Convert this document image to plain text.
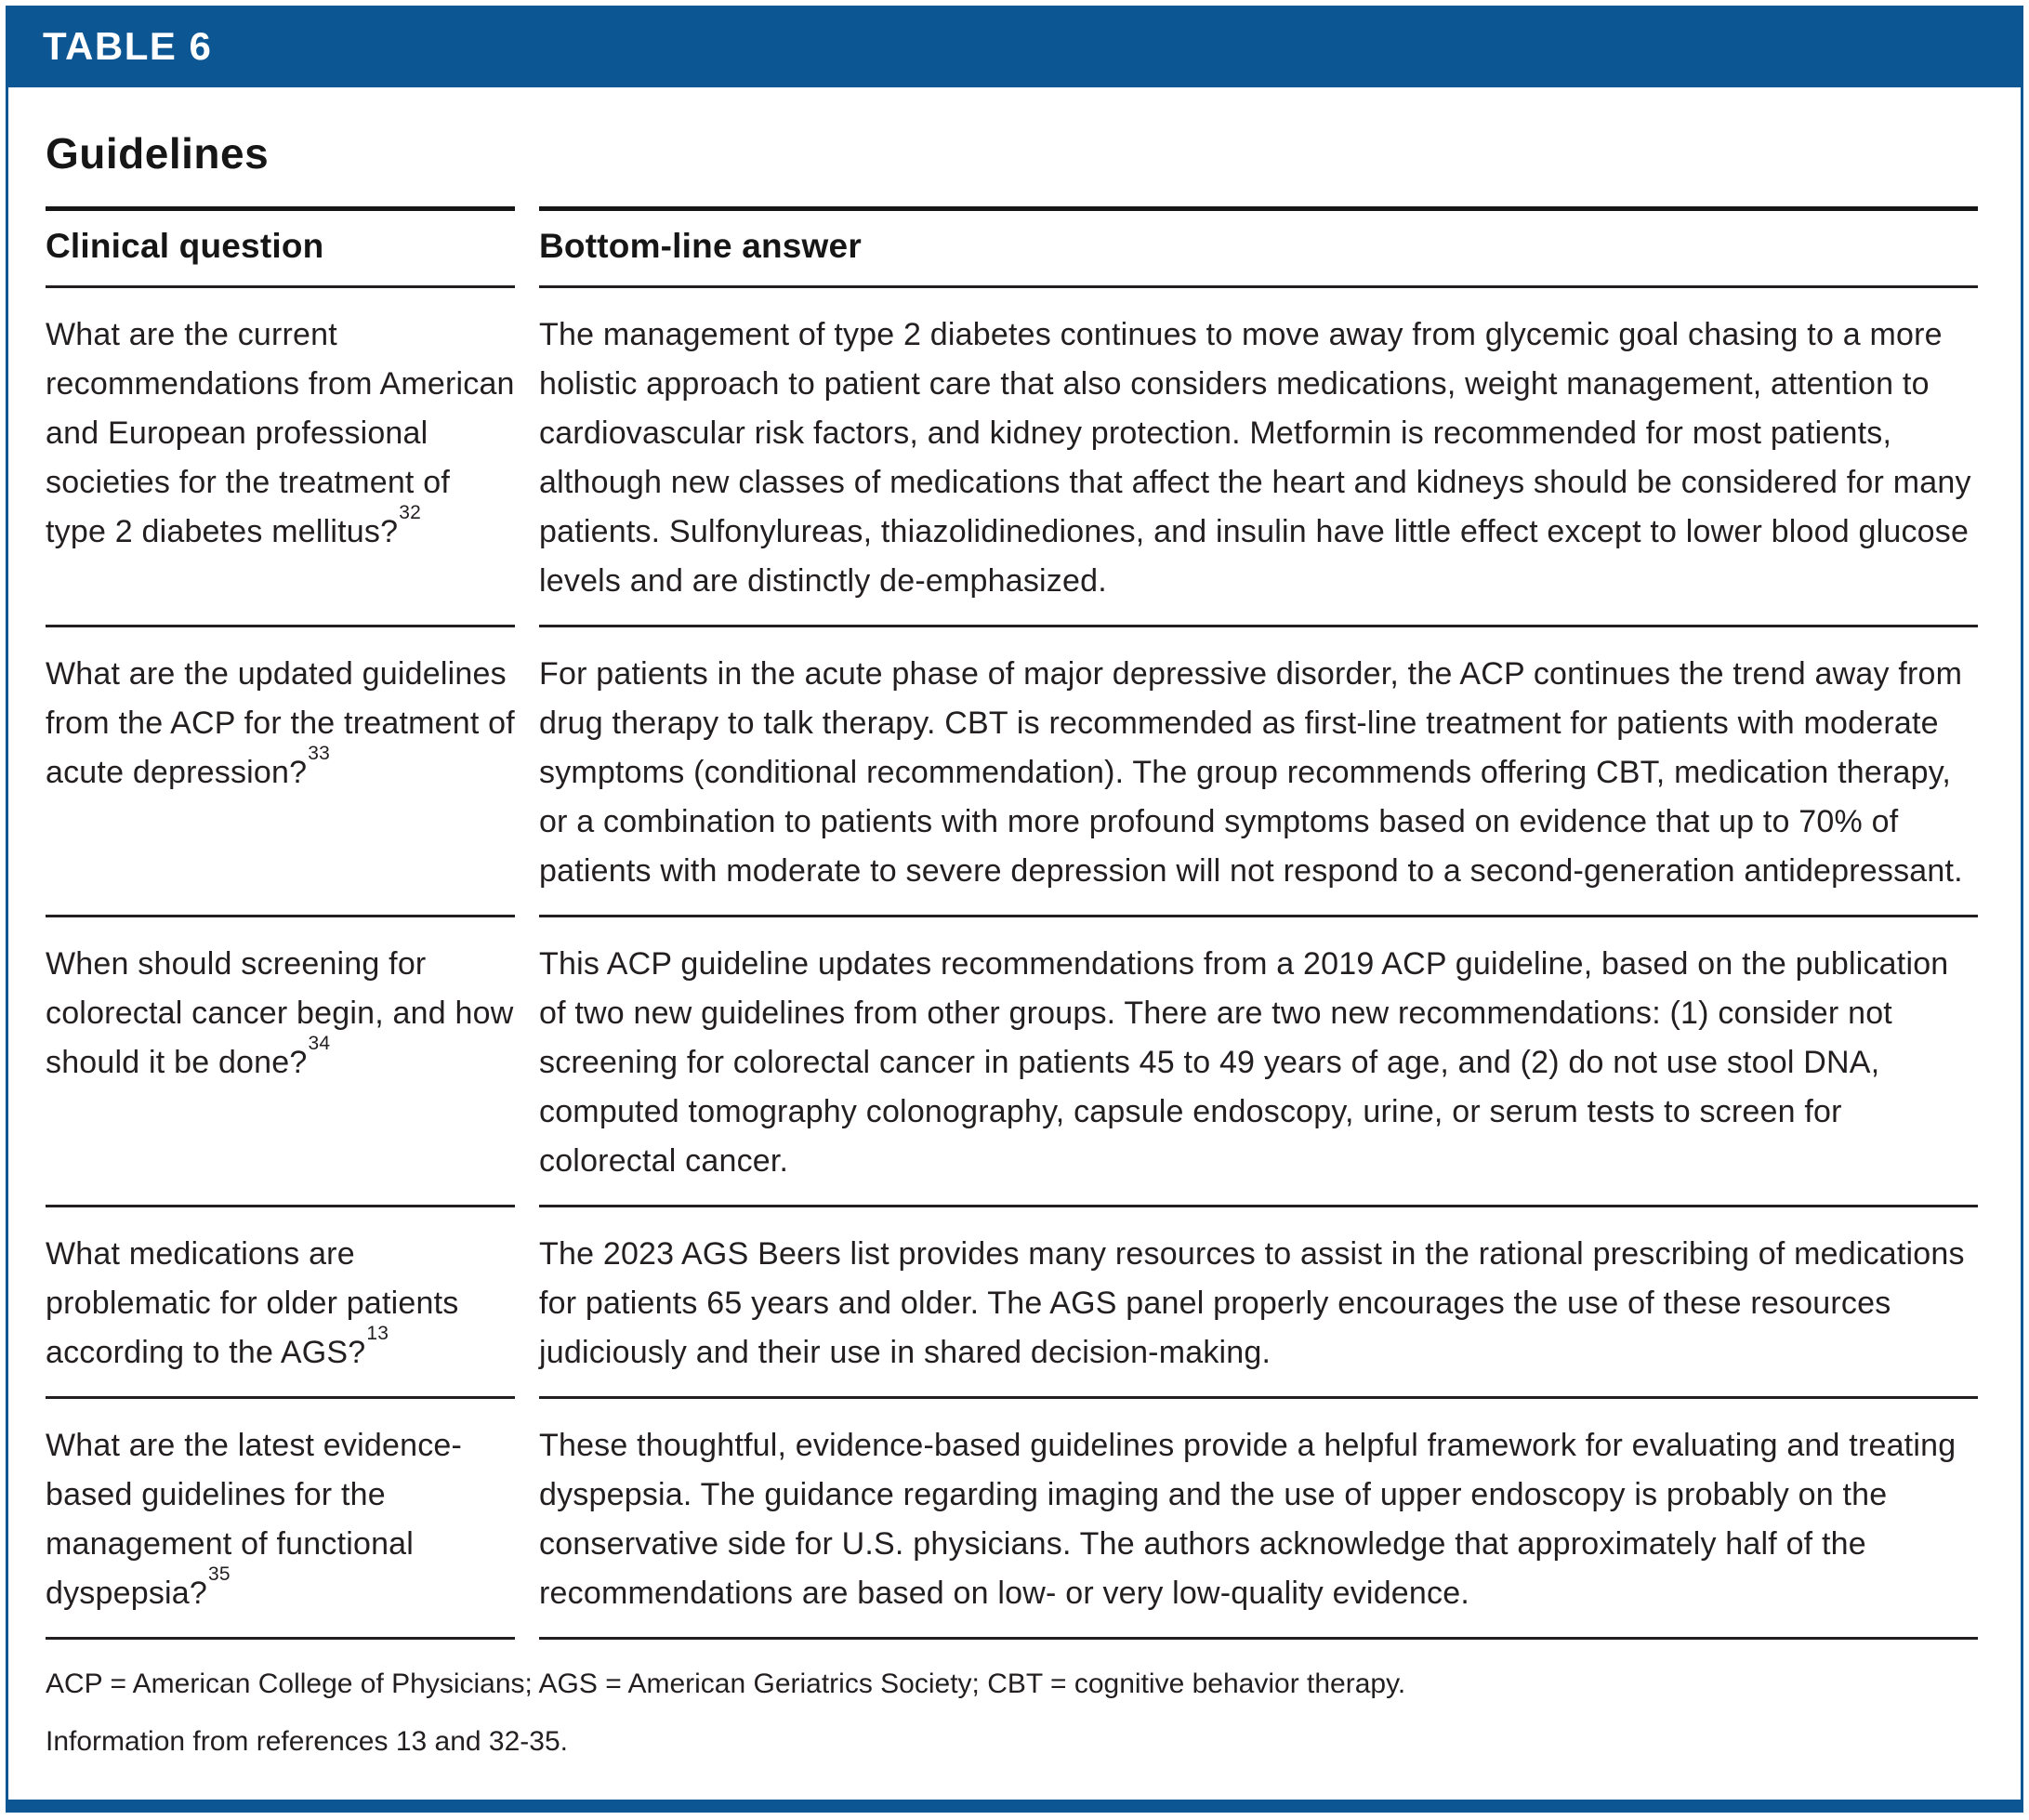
TABLE 6
Guidelines
Clinical question	Bottom-line answer
What are the current recommendations from American and European professional societies for the treatment of type 2 diabetes mellitus?$^{32}$
The management of type 2 diabetes continues to move away from glycemic goal chasing to a more holistic approach to patient care that also considers medications, weight management, attention to cardiovascular risk factors, and kidney protection. Metformin is recommended for most patients, although new classes of medications that affect the heart and kidneys should be considered for many patients. Sulfonylureas, thiazolidinediones, and insulin have little effect except to lower blood glucose levels and are distinctly de-emphasized.
What are the updated guidelines from the ACP for the treatment of acute depression?$^{33}$
For patients in the acute phase of major depressive disorder, the ACP continues the trend away from drug therapy to talk therapy. CBT is recommended as first-line treatment for patients with moderate symptoms (conditional recommendation). The group recommends offering CBT, medication therapy, or a combination to patients with more profound symptoms based on evidence that up to 70% of patients with moderate to severe depression will not respond to a second-generation antidepressant.
When should screening for colorectal cancer begin, and how should it be done?$^{34}$
This ACP guideline updates recommendations from a 2019 ACP guideline, based on the publication of two new guidelines from other groups. There are two new recommendations: (1) consider not screening for colorectal cancer in patients 45 to 49 years of age, and (2) do not use stool DNA, computed tomography colonography, capsule endoscopy, urine, or serum tests to screen for colorectal cancer.
What medications are problematic for older patients according to the AGS?$^{13}$
The 2023 AGS Beers list provides many resources to assist in the rational prescribing of medications for patients 65 years and older. The AGS panel properly encourages the use of these resources judiciously and their use in shared decision-making.
What are the latest evidence-based guidelines for the management of functional dyspepsia?$^{35}$
These thoughtful, evidence-based guidelines provide a helpful framework for evaluating and treating dyspepsia. The guidance regarding imaging and the use of upper endoscopy is probably on the conservative side for U.S. physicians. The authors acknowledge that approximately half of the recommendations are based on low- or very low-quality evidence.
ACP = American College of Physicians; AGS = American Geriatrics Society; CBT = cognitive behavior therapy.
Information from references 13 and 32-35.
